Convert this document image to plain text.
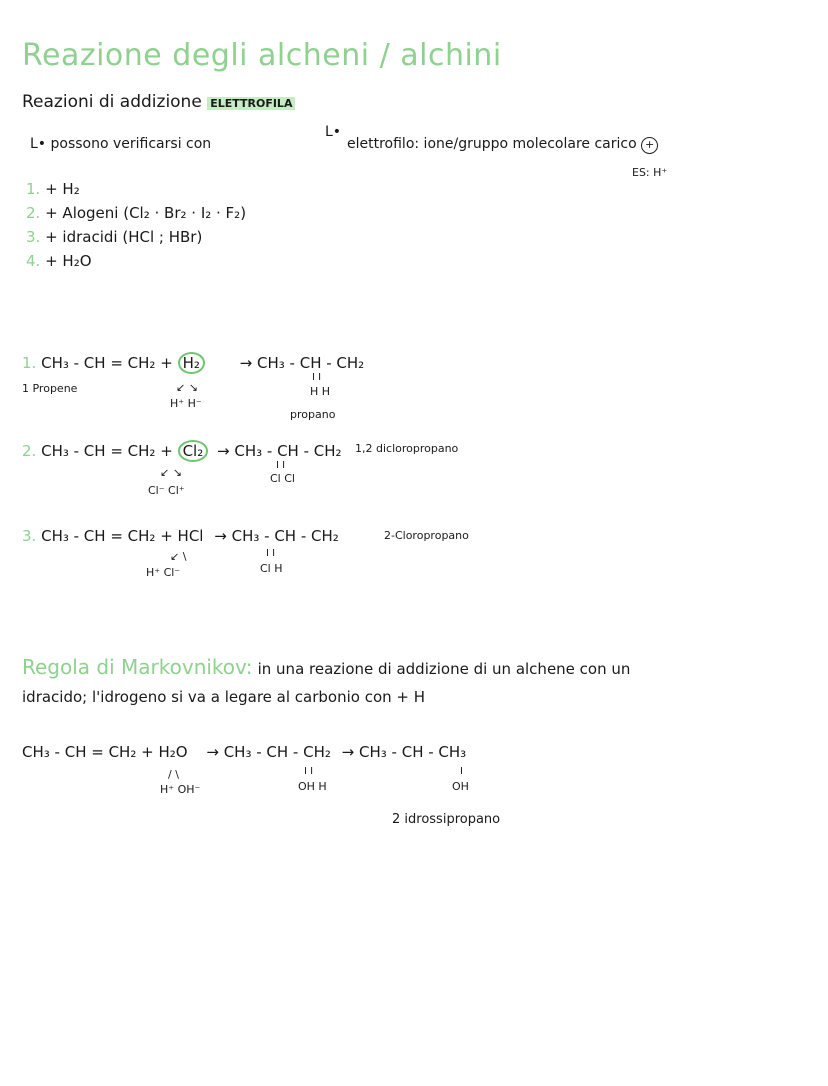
Reazione degli alcheni / alchini
Reazioni di addizione ELETTROFILA
L• possono verificarsi con
L•
elettrofilo: ione/gruppo molecolare carico +
ES: H⁺
1. + H₂
2. + Alogeni (Cl₂ · Br₂ · I₂ · F₂)
3. + idracidi (HCl ; HBr)
4. + H₂O
1. CH₃ - CH = CH₂ + H₂	→ CH₃ - CH - CH₂
1 Propene	↙ ↘
H⁺ H⁻
I I
H H
propano
2. CH₃ - CH = CH₂ + Cl₂ → CH₃ - CH - CH₂ 1,2 dicloropropano
↙ ↘
Cl⁻ Cl⁺
I I
Cl Cl
3. CH₃ - CH = CH₂ + HCl → CH₃ - CH - CH₂	2-Cloropropano
↙ \
H⁺ Cl⁻
I I
Cl H
Regola di Markovnikov: in una reazione di addizione di un alchene con un
idracido; l'idrogeno si va a legare al carbonio con + H
CH₃ - CH = CH₂ + H₂O → CH₃ - CH - CH₂ → CH₃ - CH - CH₃
/ \
H⁺ OH⁻
I I
OH H
I
OH
2 idrossipropano
